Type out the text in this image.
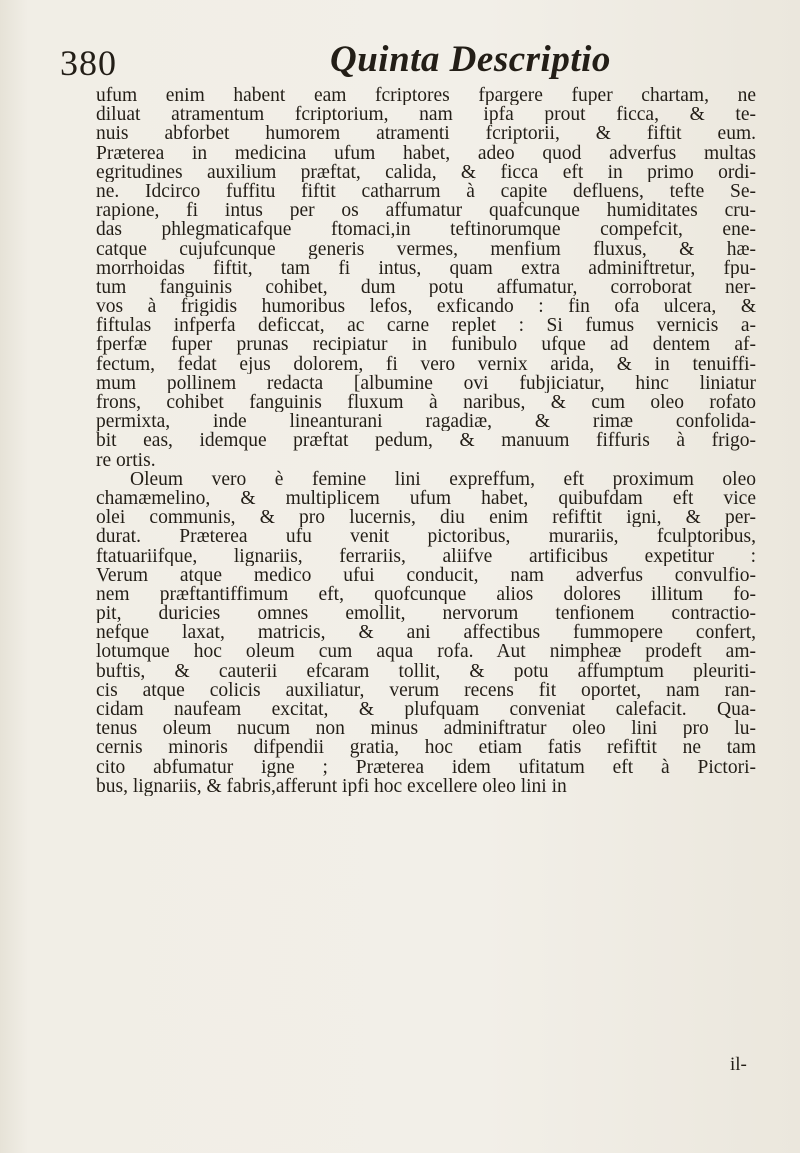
380	Quinta Descriptio
ufum enim habent eam fcriptores fpargere fuper chartam, ne
diluat atramentum fcriptorium, nam ipfa prout ficca, & te-
nuis abforbet humorem atramenti fcriptorii, & fiftit eum.
Præterea in medicina ufum habet, adeo quod adverfus multas
egritudines auxilium præftat, calida, & ficca eft in primo ordi-
ne. Idcirco fuffitu fiftit catharrum à capite defluens, tefte Se-
rapione, fi intus per os affumatur quafcunque humiditates cru-
das phlegmaticafque ftomaci,in teftinorumque compefcit, ene-
catque cujufcunque generis vermes, menfium fluxus, & hæ-
morrhoidas fiftit, tam fi intus, quam extra adminiftretur, fpu-
tum fanguinis cohibet, dum potu affumatur, corroborat ner-
vos à frigidis humoribus lefos, exficando : fin ofa ulcera, &
fiftulas infperfa deficcat, ac carne replet : Si fumus vernicis a-
fperfæ fuper prunas recipiatur in funibulo ufque ad dentem af-
fectum, fedat ejus dolorem, fi vero vernix arida, & in tenuiffi-
mum pollinem redacta [albumine ovi fubjiciatur, hinc liniatur
frons, cohibet fanguinis fluxum à naribus, & cum oleo rofato
permixta, inde lineanturani ragadiæ, & rimæ confolida-
bit eas, idemque præftat pedum, & manuum fiffuris à frigo-
re ortis.
Oleum vero è femine lini expreffum, eft proximum oleo
chamæmelino, & multiplicem ufum habet, quibufdam eft vice
olei communis, & pro lucernis, diu enim refiftit igni, & per-
durat. Præterea ufu venit pictoribus, murariis, fculptoribus,
ftatuariifque, lignariis, ferrariis, aliifve artificibus expetitur :
Verum atque medico ufui conducit, nam adverfus convulfio-
nem præftantiffimum eft, quofcunque alios dolores illitum fo-
pit, duricies omnes emollit, nervorum tenfionem contractio-
nefque laxat, matricis, & ani affectibus fummopere confert,
lotumque hoc oleum cum aqua rofa. Aut nimpheæ prodeft am-
buftis, & cauterii efcaram tollit, & potu affumptum pleuriti-
cis atque colicis auxiliatur, verum recens fit oportet, nam ran-
cidam naufeam excitat, & plufquam conveniat calefacit. Qua-
tenus oleum nucum non minus adminiftratur oleo lini pro lu-
cernis minoris difpendii gratia, hoc etiam fatis refiftit ne tam
cito abfumatur igne ; Præterea idem ufitatum eft à Pictori-
bus, lignariis, & fabris,afferunt ipfi hoc excellere oleo lini in
il-
